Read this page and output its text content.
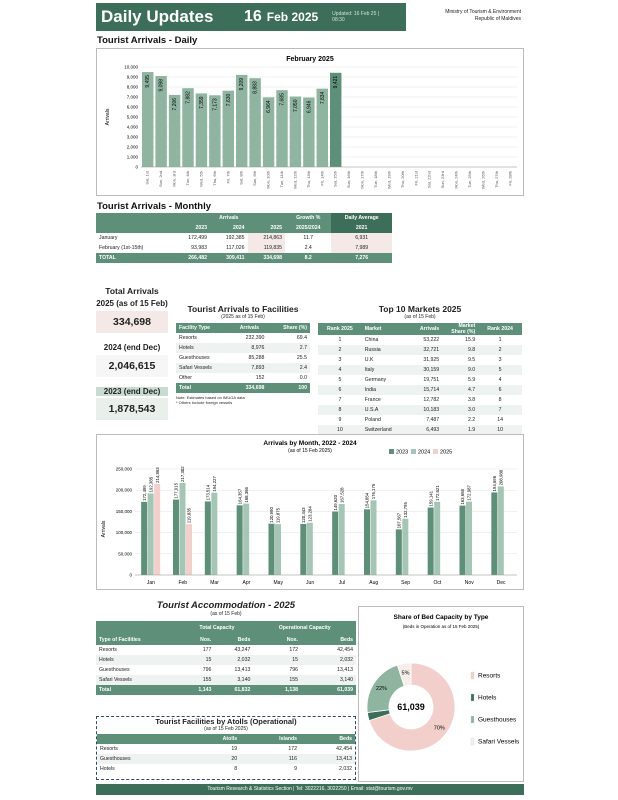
Daily Updates	16 Feb 2025	Updated: 16 Feb 25 | 08:30
Ministry of Tourism & Environment
Republic of Maldives
Tourist Arrivals - Daily
February 2025
Arrivals
0
1,000
2,000
3,000
4,000
5,000
6,000
7,000
8,000
9,000
10,000
Sat, 1st
9,495
Sun, 2nd
9,098
Mon, 3rd
7,206
Tue, 4th
7,882
Wed, 5th
7,359
Thu, 6th
7,173
Fri, 7th
7,630
Sat, 8th
9,209
Sun, 9th
8,883
Mon, 10th
6,964
Tue, 11th
7,685
Wed, 12th
7,050
Thu, 13th
6,946
Fri, 14th
7,834
Sat, 15th
9,421
Sun, 16th Mon, 17th Tue, 18th Wed, 19th Thu, 20th Fri, 21st Sat, 22nd Sun, 23rd Mon, 24th Tue, 25th Wed, 26th Thu, 27th Fri, 28th
Tourist Arrivals - Monthly
	Arrivals			Growth %	Daily Average
	2023	2024	2025	2025/2024	2021
January	172,499	192,385	214,863	11.7	6,931
February (1st-15th)	93,983	117,026	119,835	2.4	7,989
TOTAL	266,482	309,411	334,698	8.2	7,276
Total Arrivals
2025 (as of 15 Feb)
334,698
2024 (end Dec)
2,046,615
2023 (end Dec)
1,878,543
Tourist Arrivals to Facilities
(2025 as of 15 Feb)
Facility Type	Arrivals	Share (%)
Resorts	232,390	69.4
Hotels	8,976	2.7
Guesthouses	85,288	25.5
Safari Vessels	7,893	2.4
Other	152	0.0
Total	334,698	100
Note: Estimates based on IMUGA data
* Others include foreign vessels
Top 10 Markets 2025
(as of 15 Feb)
Rank 2025	Market	Arrivals	Market Share (%)	Rank 2024
1	China	53,222	15.9	1
2	Russia	32,721	9.8	2
3	U.K	31,925	9.5	3
4	Italy	30,159	9.0	5
5	Germany	19,751	5.9	4
6	India	15,714	4.7	6
7	France	12,782	3.8	8
8	U.S.A	10,183	3.0	7
9	Poland	7,487	2.2	14
10	Switzerland	6,493	1.9	10
Arrivals by Month, 2022 - 2024
(as of 15 Feb 2025)	2023 2024 2025
Arrivals
0
50,000
100,000
150,000
200,000
250,000
Jan
172,499
192,385
214,863
Feb
177,915
217,302
119,835
Mar
173,514
194,227
Apr
164,357 168,366
May
120,990 119,875
Jun
120,343 123,284
Jul
149,620 167,528
Aug
154,854
176,175
Sep
107,567
132,795
Oct
159,141 172,621
Nov
163,658 172,987
Dec
194,696 208,980
Tourist Accommodation - 2025
(as of 15 Feb)
	Total Capacity		Operational Capacity	
Type of Facilities	Nos.	Beds	Nos.	Beds
Resorts	177	43,247	172	42,454
Hotels	15	2,032	15	2,032
Guesthouses	796	13,413	796	13,413
Safari Vessels	155	3,140	155	3,140
Total	1,143	61,832	1,138	61,039
Tourist Facilities by Atolls (Operational)
(as of 15 Feb 2025)
	Atolls	Islands	Beds
Resorts	19	172	42,454
Guesthouses	20	116	13,413
Hotels	8	9	2,032
Share of Bed Capacity by Type
(Beds in Operation as of 15 Feb 2025)
70%
22%
5%
61,039
Resorts
Hotels
Guesthouses
Safari Vessels
Tourism Research & Statistics Section | Tel: 3022216, 3022250 | Email: stat@tourism.gov.mv
